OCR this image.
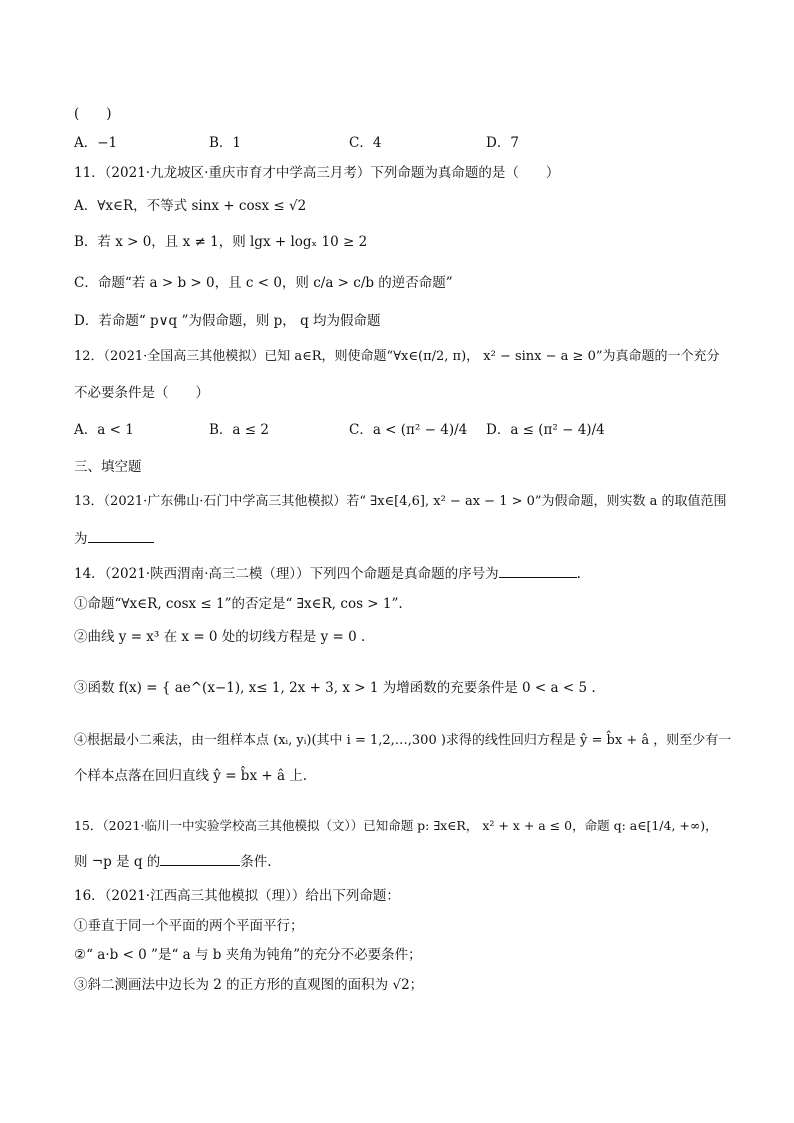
(　　)
A．−1	B．1	C．4	D．7
11．（2021·九龙坡区·重庆市育才中学高三月考）下列命题为真命题的是（　　）
A．∀x∈R，不等式 sinx + cosx ≤ √2
B．若 x > 0，且 x ≠ 1，则 lgx + logₓ 10 ≥ 2
C．命题“若 a > b > 0，且 c < 0，则 c/a > c/b 的逆否命题”
D．若命题“ p∨q ”为假命题，则 p， q 均为假命题
12．（2021·全国高三其他模拟）已知 a∈R，则使命题“∀x∈(π/2, π)， x² − sinx − a ≥ 0”为真命题的一个充分
不必要条件是（　　）
A．a < 1	B．a ≤ 2	C．a < (π² − 4)/4 D．a ≤ (π² − 4)/4
三、填空题
13．（2021·广东佛山·石门中学高三其他模拟）若“ ∃x∈[4,6], x² − ax − 1 > 0”为假命题，则实数 a 的取值范围
为
14．（2021·陕西渭南·高三二模（理））下列四个命题是真命题的序号为	.
①命题“∀x∈R, cosx ≤ 1”的否定是“ ∃x∈R, cos > 1”.
②曲线 y = x³ 在 x = 0 处的切线方程是 y = 0 .
③函数 f(x) = { ae^(x−1), x≤ 1, 2x + 3, x > 1 为增函数的充要条件是 0 < a < 5 .
④根据最小二乘法，由一组样本点 (xᵢ, yᵢ)(其中 i = 1,2,…,300 )求得的线性回归方程是 ŷ = b̂x + â ，则至少有一
个样本点落在回归直线 ŷ = b̂x + â 上.
15．（2021·临川一中实验学校高三其他模拟（文））已知命题 p: ∃x∈R， x² + x + a ≤ 0，命题 q: a∈[1/4, +∞)，
则 ¬p 是 q 的	条件.
16．（2021·江西高三其他模拟（理））给出下列命题：
①垂直于同一个平面的两个平面平行；
②“ a·b < 0 ”是“ a 与 b 夹角为钝角”的充分不必要条件；
③斜二测画法中边长为 2 的正方形的直观图的面积为 √2；
